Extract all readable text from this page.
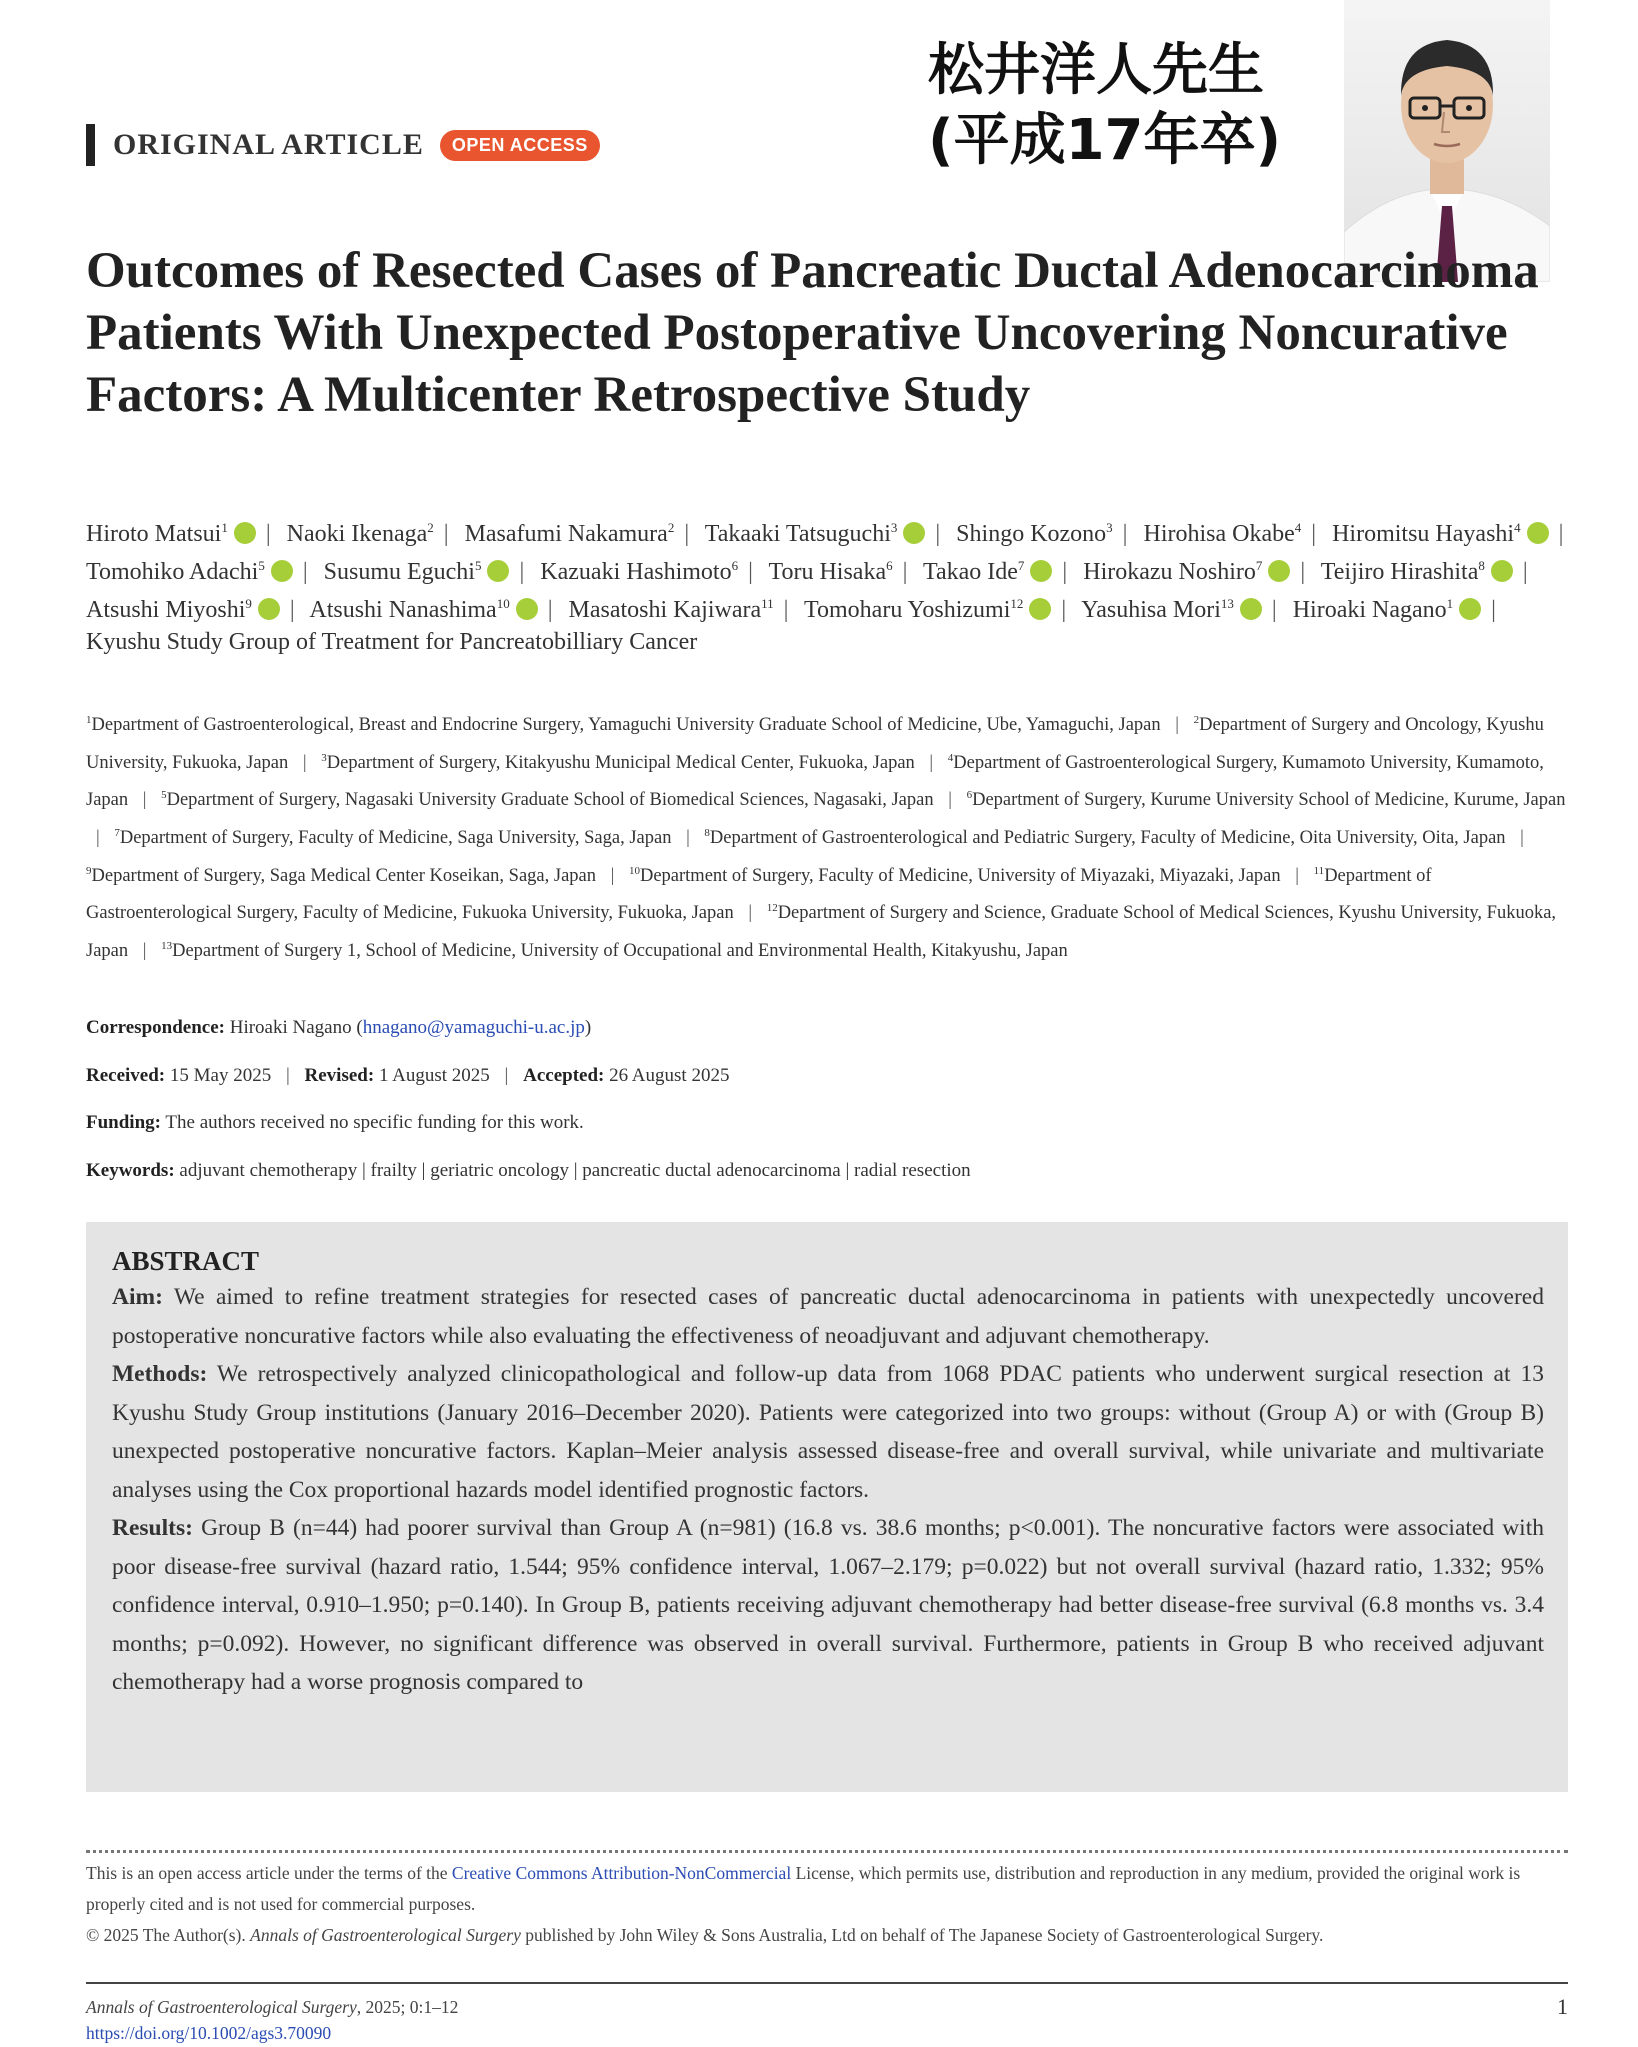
ORIGINAL ARTICLE	OPEN ACCESS
松井洋人先生
(平成17年卒)
Outcomes of Resected Cases of Pancreatic Ductal Adenocarcinoma Patients With Unexpected Postoperative Uncovering Noncurative Factors: A Multicenter Retrospective Study
Hiroto Matsui$^1$ | Naoki Ikenaga$^2$ | Masafumi Nakamura$^2$ | Takaaki Tatsuguchi$^3$ | Shingo Kozono$^3$ | Hirohisa Okabe$^4$ | Hiromitsu Hayashi$^4$ | Tomohiko Adachi$^5$ | Susumu Eguchi$^5$ | Kazuaki Hashimoto$^6$ | Toru Hisaka$^6$ | Takao Ide$^7$ | Hirokazu Noshiro$^7$ | Teijiro Hirashita$^8$ | Atsushi Miyoshi$^9$ | Atsushi Nanashima$^{10}$ | Masatoshi Kajiwara$^{11}$ | Tomoharu Yoshizumi$^{12}$ | Yasuhisa Mori$^{13}$ | Hiroaki Nagano$^1$ | Kyushu Study Group of Treatment for Pancreatobilliary Cancer
$^1$Department of Gastroenterological, Breast and Endocrine Surgery, Yamaguchi University Graduate School of Medicine, Ube, Yamaguchi, Japan | $^2$Department of Surgery and Oncology, Kyushu University, Fukuoka, Japan | $^3$Department of Surgery, Kitakyushu Municipal Medical Center, Fukuoka, Japan | $^4$Department of Gastroenterological Surgery, Kumamoto University, Kumamoto, Japan | $^5$Department of Surgery, Nagasaki University Graduate School of Biomedical Sciences, Nagasaki, Japan | $^6$Department of Surgery, Kurume University School of Medicine, Kurume, Japan | $^7$Department of Surgery, Faculty of Medicine, Saga University, Saga, Japan | $^8$Department of Gastroenterological and Pediatric Surgery, Faculty of Medicine, Oita University, Oita, Japan | $^9$Department of Surgery, Saga Medical Center Koseikan, Saga, Japan | $^{10}$Department of Surgery, Faculty of Medicine, University of Miyazaki, Miyazaki, Japan | $^{11}$Department of Gastroenterological Surgery, Faculty of Medicine, Fukuoka University, Fukuoka, Japan | $^{12}$Department of Surgery and Science, Graduate School of Medical Sciences, Kyushu University, Fukuoka, Japan | $^{13}$Department of Surgery 1, School of Medicine, University of Occupational and Environmental Health, Kitakyushu, Japan
Correspondence: Hiroaki Nagano (hnagano@yamaguchi-u.ac.jp)
Received: 15 May 2025 | Revised: 1 August 2025 | Accepted: 26 August 2025
Funding: The authors received no specific funding for this work.
Keywords: adjuvant chemotherapy | frailty | geriatric oncology | pancreatic ductal adenocarcinoma | radial resection
ABSTRACT

Aim: We aimed to refine treatment strategies for resected cases of pancreatic ductal adenocarcinoma in patients with unexpectedly uncovered postoperative noncurative factors while also evaluating the effectiveness of neoadjuvant and adjuvant chemotherapy.

Methods: We retrospectively analyzed clinicopathological and follow-up data from 1068 PDAC patients who underwent surgical resection at 13 Kyushu Study Group institutions (January 2016–December 2020). Patients were categorized into two groups: without (Group A) or with (Group B) unexpected postoperative noncurative factors. Kaplan–Meier analysis assessed disease-free and overall survival, while univariate and multivariate analyses using the Cox proportional hazards model identified prognostic factors.

Results: Group B (n=44) had poorer survival than Group A (n=981) (16.8 vs. 38.6 months; p<0.001). The noncurative factors were associated with poor disease-free survival (hazard ratio, 1.544; 95% confidence interval, 1.067–2.179; p=0.022) but not overall survival (hazard ratio, 1.332; 95% confidence interval, 0.910–1.950; p=0.140). In Group B, patients receiving adjuvant chemotherapy had better disease-free survival (6.8 months vs. 3.4 months; p=0.092). However, no significant difference was observed in overall survival. Furthermore, patients in Group B who received adjuvant chemotherapy had a worse prognosis compared to

This is an open access article under the terms of the Creative Commons Attribution-NonCommercial License, which permits use, distribution and reproduction in any medium, provided the original work is properly cited and is not used for commercial purposes.
© 2025 The Author(s). Annals of Gastroenterological Surgery published by John Wiley & Sons Australia, Ltd on behalf of The Japanese Society of Gastroenterological Surgery.
Annals of Gastroenterological Surgery, 2025; 0:1–12
https://doi.org/10.1002/ags3.70090
1
